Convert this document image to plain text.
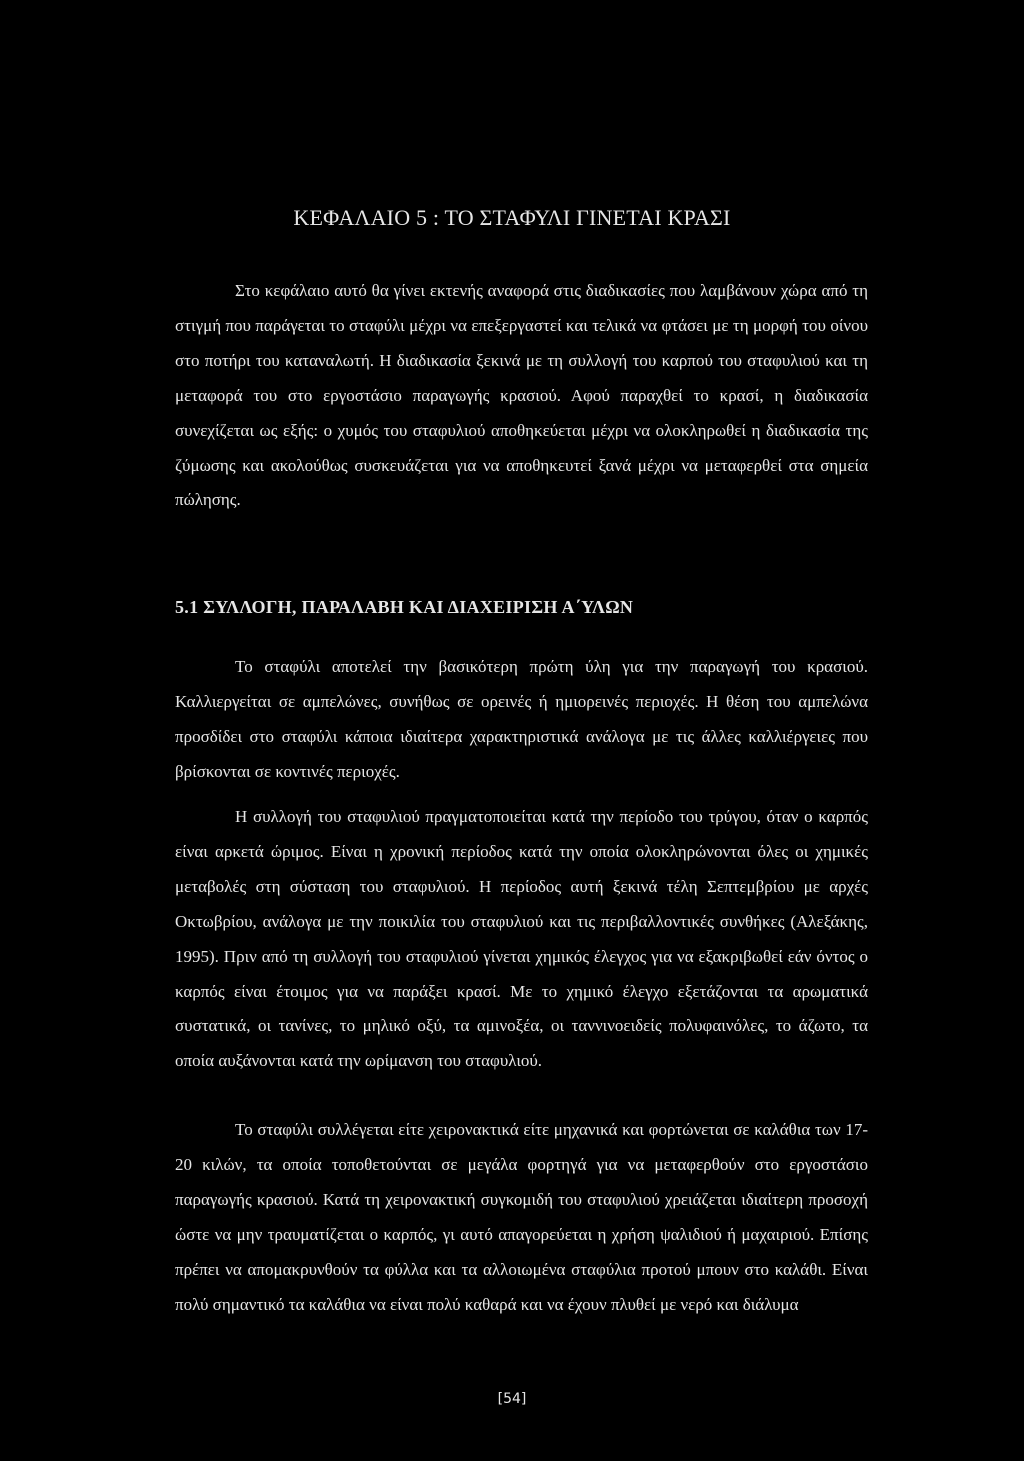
ΚΕΦΑΛΑΙΟ 5 : ΤΟ ΣΤΑΦΥΛΙ ΓΙΝΕΤΑΙ ΚΡΑΣΙ

Στο κεφάλαιο αυτό θα γίνει εκτενής αναφορά στις διαδικασίες που λαμβάνουν χώρα από τη στιγμή που παράγεται το σταφύλι μέχρι να επεξεργαστεί και τελικά να φτάσει με τη μορφή του οίνου στο ποτήρι του καταναλωτή. Η διαδικασία ξεκινά με τη συλλογή του καρπού του σταφυλιού και τη μεταφορά του στο εργοστάσιο παραγωγής κρασιού. Αφού παραχθεί το κρασί, η διαδικασία συνεχίζεται ως εξής: ο χυμός του σταφυλιού αποθηκεύεται μέχρι να ολοκληρωθεί η διαδικασία της ζύμωσης και ακολούθως συσκευάζεται για να αποθηκευτεί ξανά μέχρι να μεταφερθεί στα σημεία πώλησης.

5.1 ΣΥΛΛΟΓΗ, ΠΑΡΑΛΑΒΗ ΚΑΙ ΔΙΑΧΕΙΡΙΣΗ Α΄ΥΛΩΝ

Το σταφύλι αποτελεί την βασικότερη πρώτη ύλη για την παραγωγή του κρασιού. Καλλιεργείται σε αμπελώνες, συνήθως σε ορεινές ή ημιορεινές περιοχές. Η θέση του αμπελώνα προσδίδει στο σταφύλι κάποια ιδιαίτερα χαρακτηριστικά ανάλογα με τις άλλες καλλιέργειες που βρίσκονται σε κοντινές περιοχές.

Η συλλογή του σταφυλιού πραγματοποιείται κατά την περίοδο του τρύγου, όταν ο καρπός είναι αρκετά ώριμος. Είναι η χρονική περίοδος κατά την οποία ολοκληρώνονται όλες οι χημικές μεταβολές στη σύσταση του σταφυλιού. Η περίοδος αυτή ξεκινά τέλη Σεπτεμβρίου με αρχές Οκτωβρίου, ανάλογα με την ποικιλία του σταφυλιού και τις περιβαλλοντικές συνθήκες (Αλεξάκης, 1995). Πριν από τη συλλογή του σταφυλιού γίνεται χημικός έλεγχος για να εξακριβωθεί εάν όντος ο καρπός είναι έτοιμος για να παράξει κρασί. Με το χημικό έλεγχο εξετάζονται τα αρωματικά συστατικά, οι τανίνες, το μηλικό οξύ, τα αμινοξέα, οι ταννινοειδείς πολυφαινόλες, το άζωτο, τα οποία αυξάνονται κατά την ωρίμανση του σταφυλιού.

Το σταφύλι συλλέγεται είτε χειρονακτικά είτε μηχανικά και φορτώνεται σε καλάθια των 17-20 κιλών, τα οποία τοποθετούνται σε μεγάλα φορτηγά για να μεταφερθούν στο εργοστάσιο παραγωγής κρασιού. Κατά τη χειρονακτική συγκομιδή του σταφυλιού χρειάζεται ιδιαίτερη προσοχή ώστε να μην τραυματίζεται ο καρπός, γι αυτό απαγορεύεται η χρήση ψαλιδιού ή μαχαιριού. Επίσης πρέπει να απομακρυνθούν τα φύλλα και τα αλλοιωμένα σταφύλια προτού μπουν στο καλάθι. Είναι πολύ σημαντικό τα καλάθια να είναι πολύ καθαρά και να έχουν πλυθεί με νερό και διάλυμα

[54]
